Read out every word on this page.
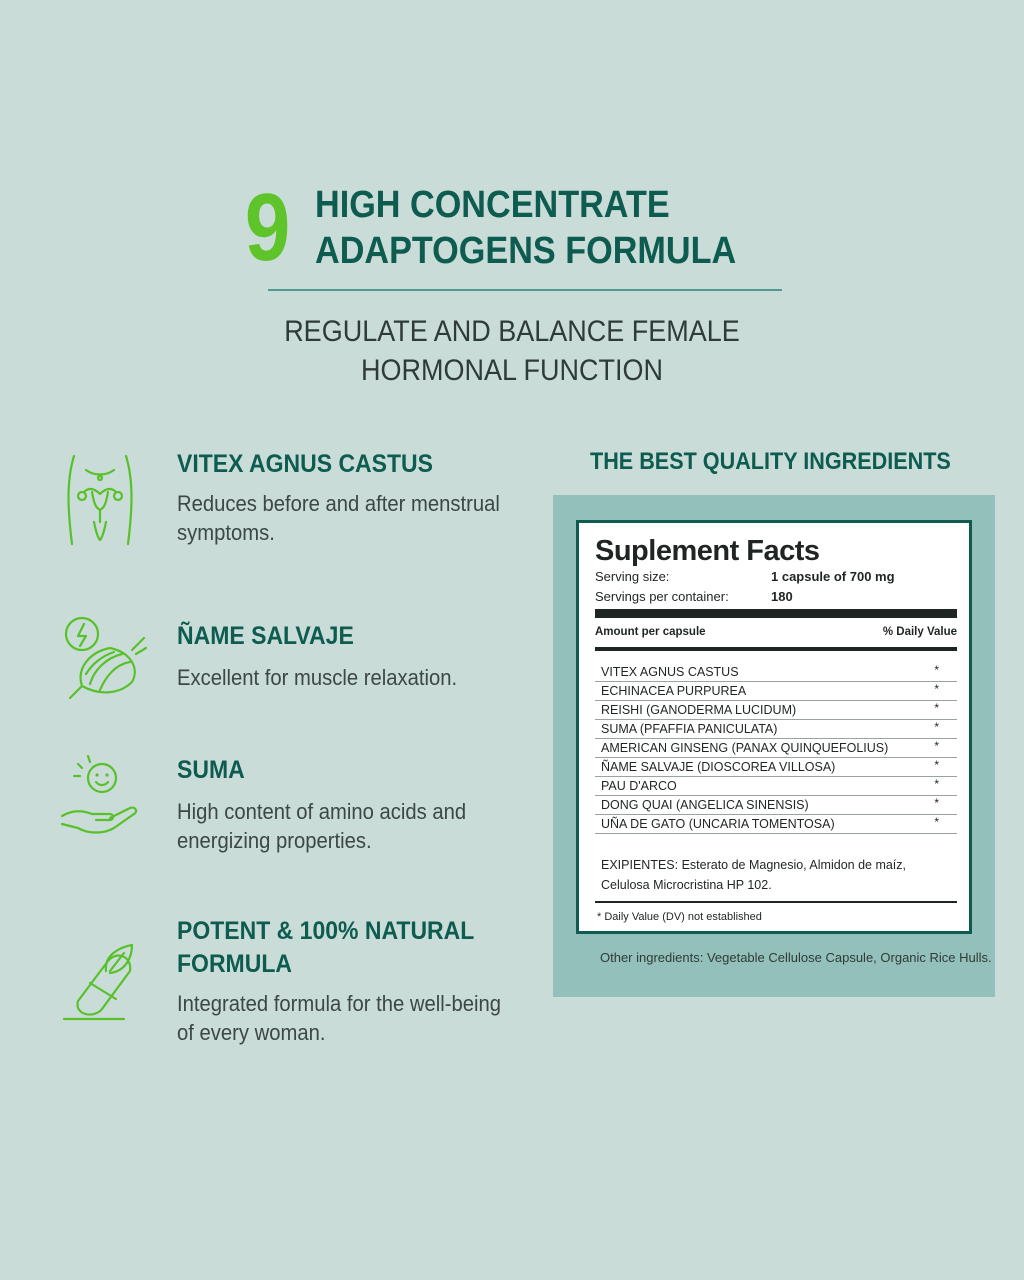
9 HIGH CONCENTRATE
ADAPTOGENS FORMULA
REGULATE AND BALANCE FEMALE
HORMONAL FUNCTION
VITEX AGNUS CASTUS
Reduces before and after menstrual symptoms.
ÑAME SALVAJE
Excellent for muscle relaxation.
SUMA
High content of amino acids and energizing properties.
POTENT & 100% NATURAL FORMULA
Integrated formula for the well-being of every woman.
THE BEST QUALITY INGREDIENTS
Suplement Facts
Serving size:	1 capsule of 700 mg
Servings per container:	180
Amount per capsule	% Daily Value
VITEX AGNUS CASTUS	*
ECHINACEA PURPUREA	*
REISHI (GANODERMA LUCIDUM)	*
SUMA (PFAFFIA PANICULATA)	*
AMERICAN GINSENG (PANAX QUINQUEFOLIUS)	*
ÑAME SALVAJE (DIOSCOREA VILLOSA)	*
PAU D'ARCO	*
DONG QUAI (ANGELICA SINENSIS)	*
UÑA DE GATO (UNCARIA TOMENTOSA)	*
EXIPIENTES: Esterato de Magnesio, Almidon de maíz, Celulosa Microcristina HP 102.
* Daily Value (DV) not established
Other ingredients: Vegetable Cellulose Capsule, Organic Rice Hulls.
